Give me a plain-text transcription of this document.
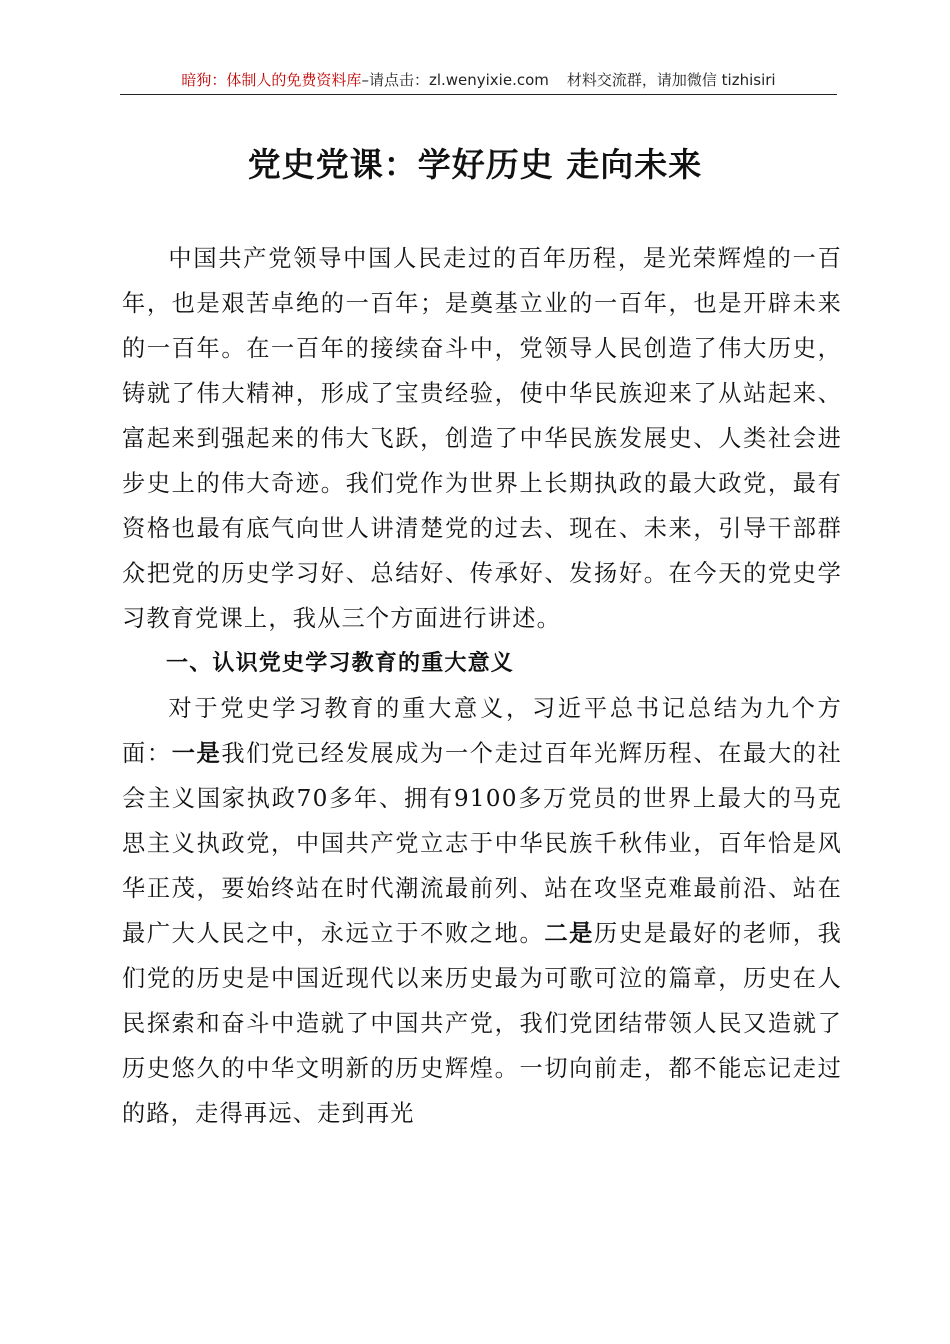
暗狗：体制人的免费资料库–请点击：zl.wenyixie.com 材料交流群，请加微信 tizhisiri
党史党课：学好历史 走向未来

中国共产党领导中国人民走过的百年历程，是光荣辉煌的一百年，也是艰苦卓绝的一百年；是奠基立业的一百年，也是开辟未来的一百年。在一百年的接续奋斗中，党领导人民创造了伟大历史，铸就了伟大精神，形成了宝贵经验，使中华民族迎来了从站起来、富起来到强起来的伟大飞跃，创造了中华民族发展史、人类社会进步史上的伟大奇迹。我们党作为世界上长期执政的最大政党，最有资格也最有底气向世人讲清楚党的过去、现在、未来，引导干部群众把党的历史学习好、总结好、传承好、发扬好。在今天的党史学习教育党课上，我从三个方面进行讲述。

一、认识党史学习教育的重大意义

对于党史学习教育的重大意义，习近平总书记总结为九个方面：一是我们党已经发展成为一个走过百年光辉历程、在最大的社会主义国家执政70多年、拥有9100多万党员的世界上最大的马克思主义执政党，中国共产党立志于中华民族千秋伟业，百年恰是风华正茂，要始终站在时代潮流最前列、站在攻坚克难最前沿、站在最广大人民之中，永远立于不败之地。二是历史是最好的老师，我们党的历史是中国近现代以来历史最为可歌可泣的篇章，历史在人民探索和奋斗中造就了中国共产党，我们党团结带领人民又造就了历史悠久的中华文明新的历史辉煌。一切向前走，都不能忘记走过的路，走得再远、走到再光
